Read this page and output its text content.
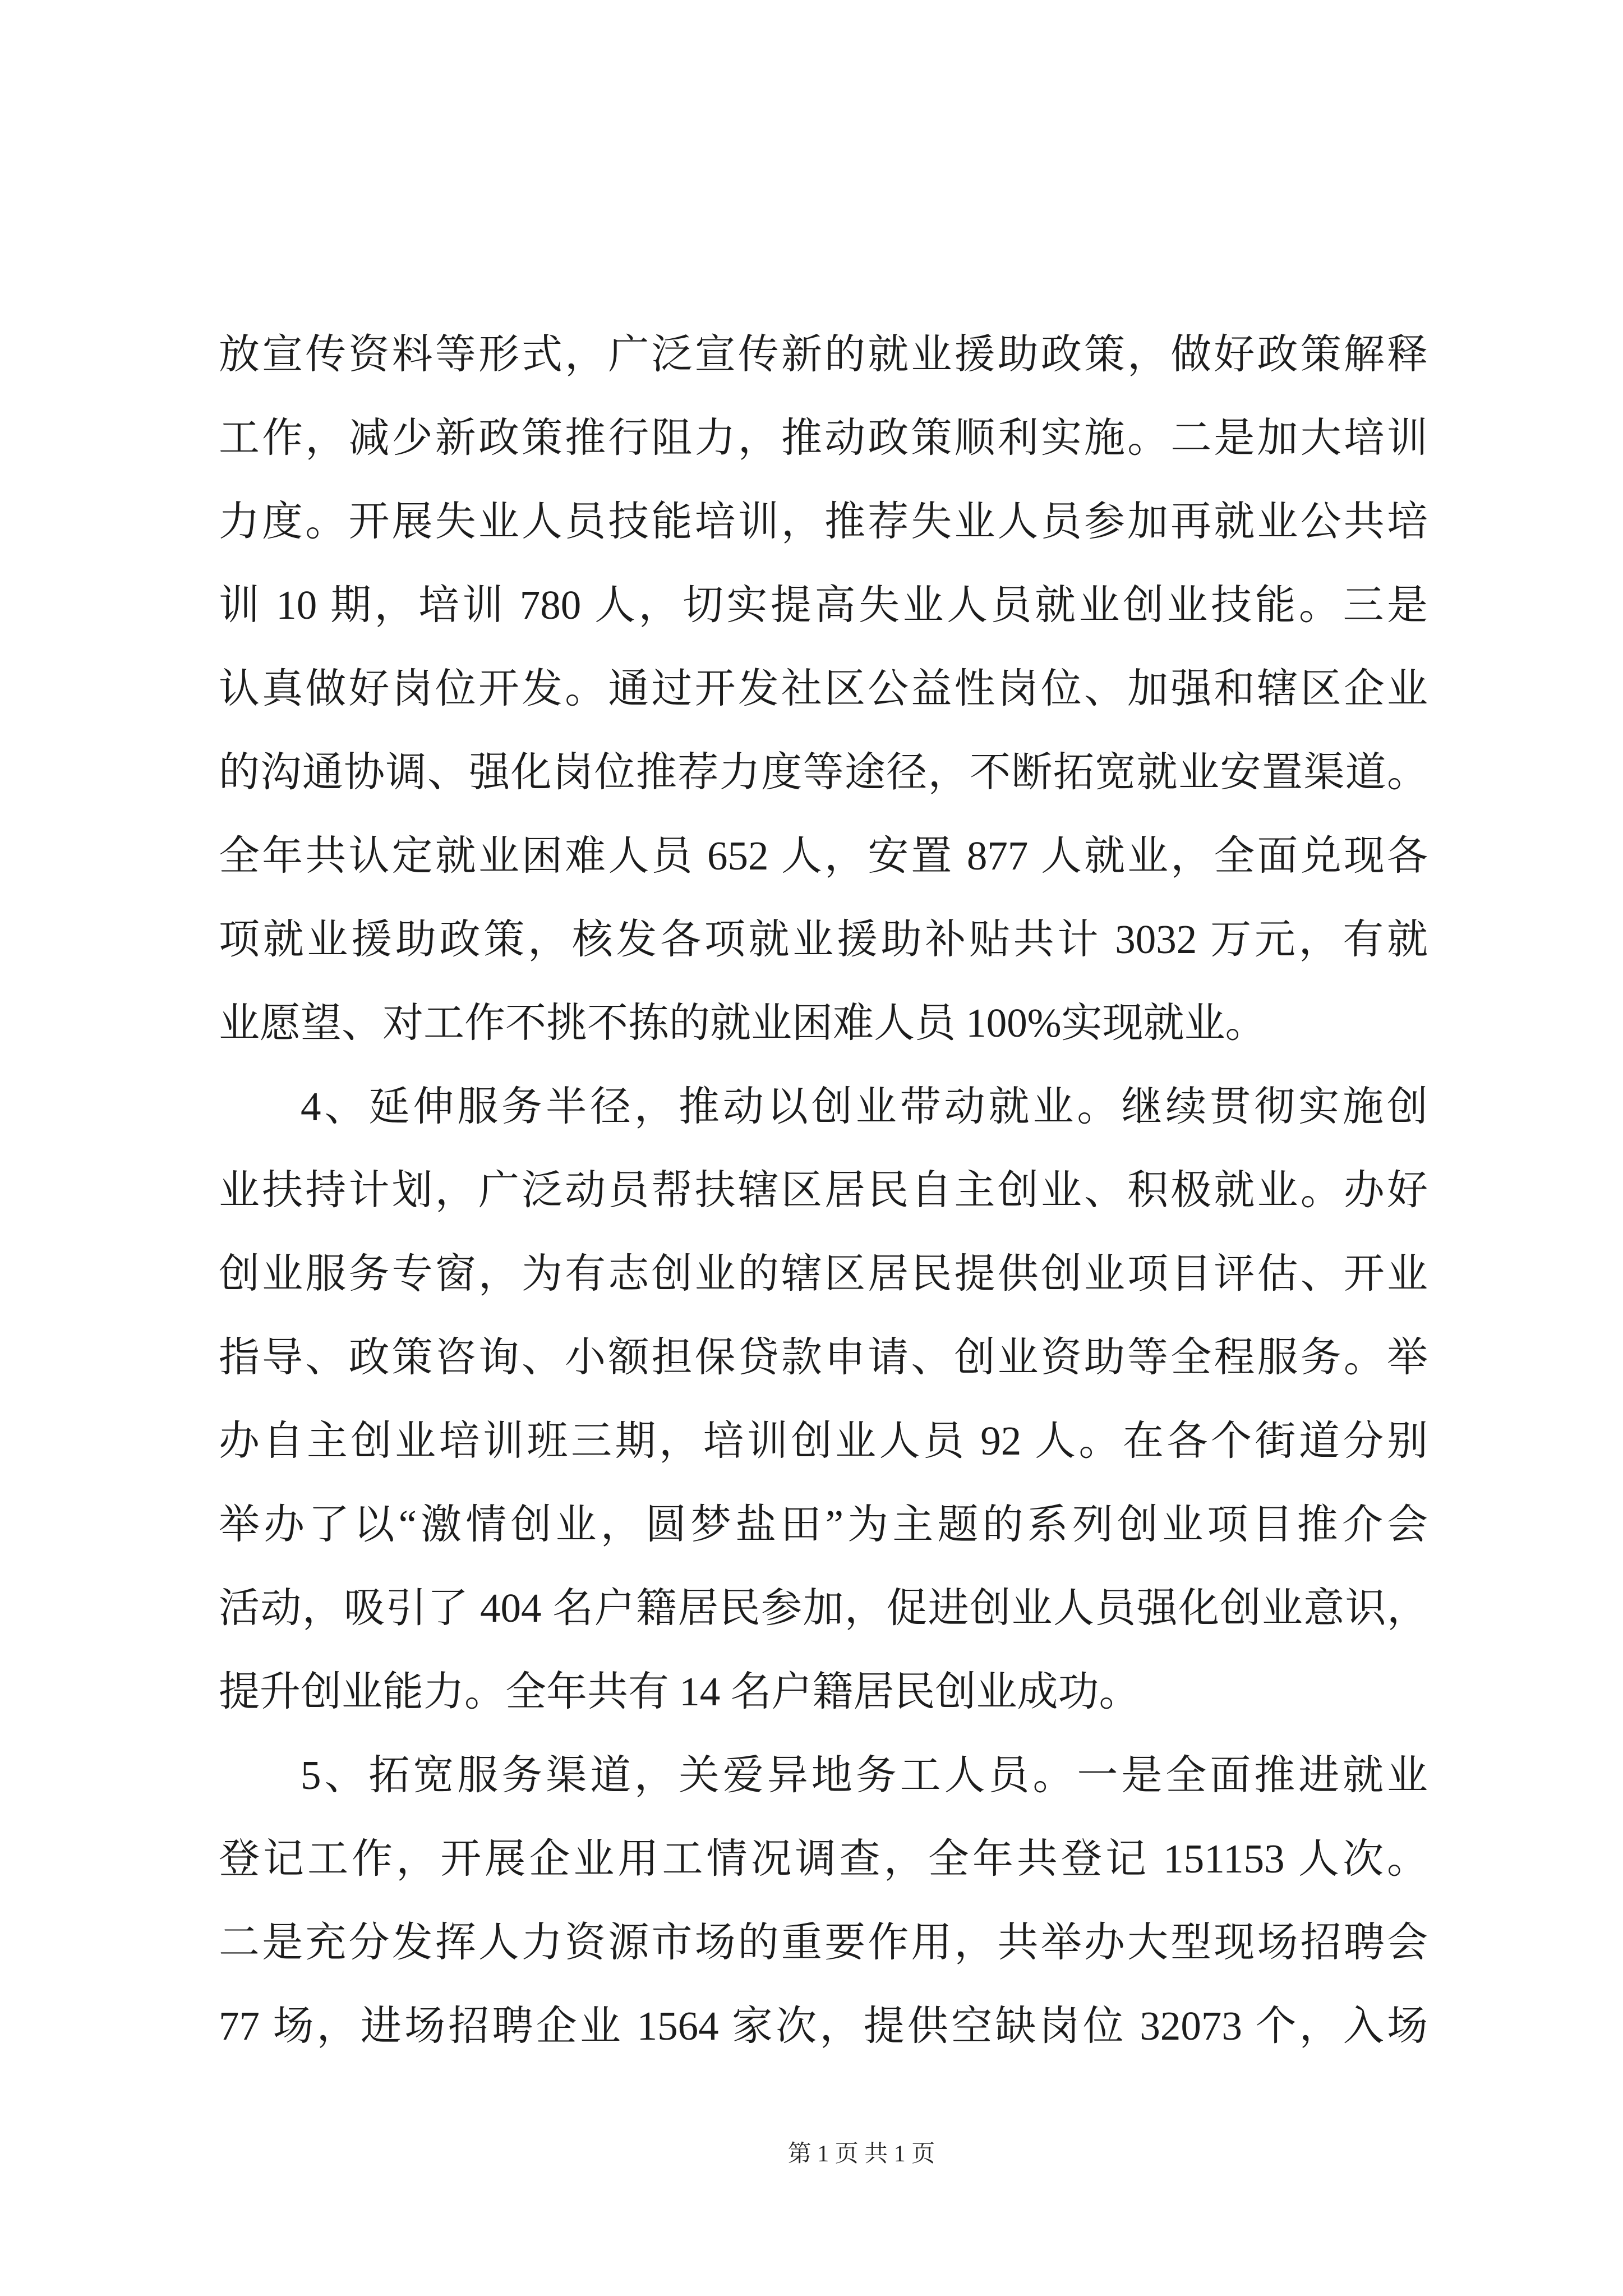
放宣传资料等形式，广泛宣传新的就业援助政策，做好政策解释
工作，减少新政策推行阻力，推动政策顺利实施。二是加大培训
力度。开展失业人员技能培训，推荐失业人员参加再就业公共培
训 10 期，培训 780 人，切实提高失业人员就业创业技能。三是
认真做好岗位开发。通过开发社区公益性岗位、加强和辖区企业
的沟通协调、强化岗位推荐力度等途径，不断拓宽就业安置渠道。
全年共认定就业困难人员 652 人，安置 877 人就业，全面兑现各
项就业援助政策，核发各项就业援助补贴共计 3032 万元，有就
业愿望、对工作不挑不拣的就业困难人员 100%实现就业。
4、延伸服务半径，推动以创业带动就业。继续贯彻实施创
业扶持计划，广泛动员帮扶辖区居民自主创业、积极就业。办好
创业服务专窗，为有志创业的辖区居民提供创业项目评估、开业
指导、政策咨询、小额担保贷款申请、创业资助等全程服务。举
办自主创业培训班三期，培训创业人员 92 人。在各个街道分别
举办了以“激情创业，圆梦盐田”为主题的系列创业项目推介会
活动，吸引了 404 名户籍居民参加，促进创业人员强化创业意识，
提升创业能力。全年共有 14 名户籍居民创业成功。
5、拓宽服务渠道，关爱异地务工人员。一是全面推进就业
登记工作，开展企业用工情况调查，全年共登记 151153 人次。
二是充分发挥人力资源市场的重要作用，共举办大型现场招聘会
77 场，进场招聘企业 1564 家次，提供空缺岗位 32073 个，入场
第 1 页 共 1 页
